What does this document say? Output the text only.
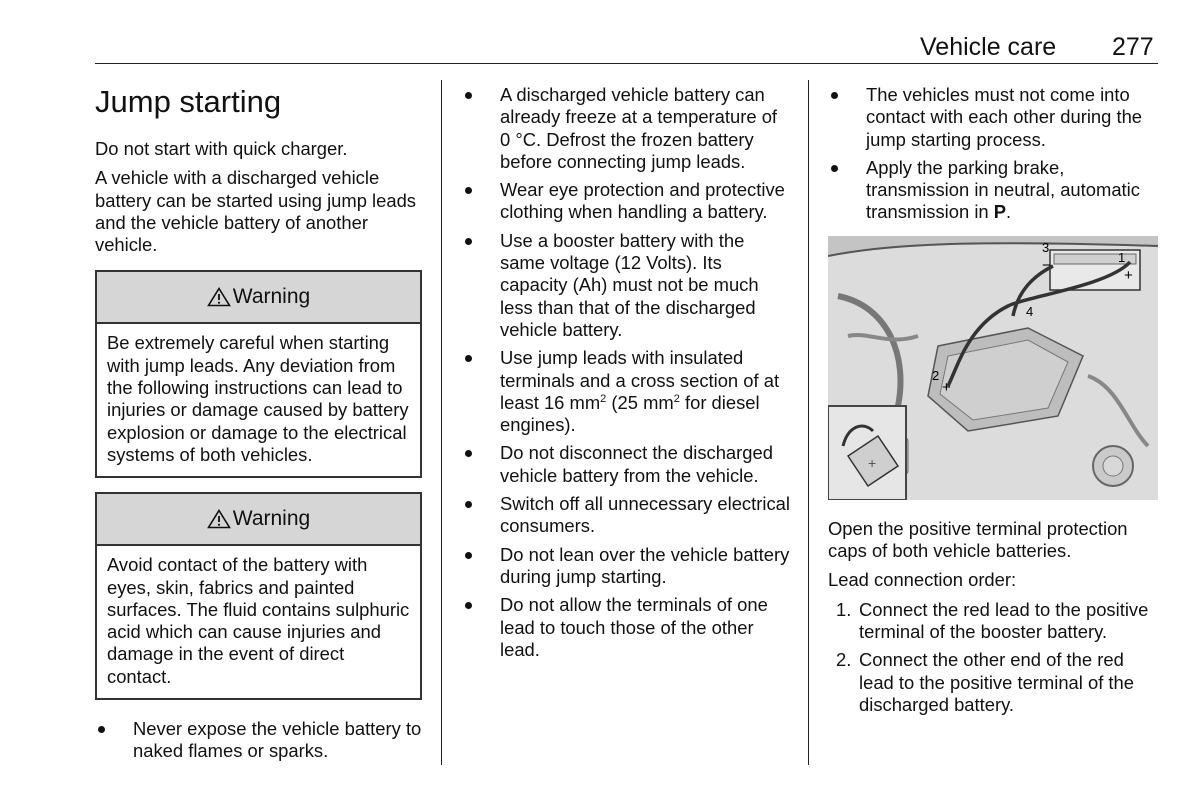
Vehicle care 277
Jump starting

Do not start with quick charger.

A vehicle with a discharged vehicle battery can be started using jump leads and the vehicle battery of another vehicle.

Warning
Be extremely careful when starting with jump leads. Any deviation from the following instructions can lead to injuries or damage caused by battery explosion or damage to the electrical systems of both vehicles.
Warning
Avoid contact of the battery with eyes, skin, fabrics and painted surfaces. The fluid contains sulphuric acid which can cause injuries and damage in the event of direct contact.
Never expose the vehicle battery to naked flames or sparks.
A discharged vehicle battery can already freeze at a temperature of 0 °C. Defrost the frozen battery before connecting jump leads.
Wear eye protection and protective clothing when handling a battery.
Use a booster battery with the same voltage (12 Volts). Its capacity (Ah) must not be much less than that of the discharged vehicle battery.
Use jump leads with insulated terminals and a cross section of at least 16 $mm^2$ (25 $mm^2$ for diesel engines).
Do not disconnect the discharged vehicle battery from the vehicle.
Switch off all unnecessary electrical consumers.
Do not lean over the vehicle battery during jump starting.
Do not allow the terminals of one lead to touch those of the other lead.
The vehicles must not come into contact with each other during the jump starting process.
Apply the parking brake, transmission in neutral, automatic transmission in P.
1
+
3
−
4
2
+
+

Open the positive terminal protection caps of both vehicle batteries.

Lead connection order:

1. Connect the red lead to the positive terminal of the booster battery.
2. Connect the other end of the red lead to the positive terminal of the discharged battery.
